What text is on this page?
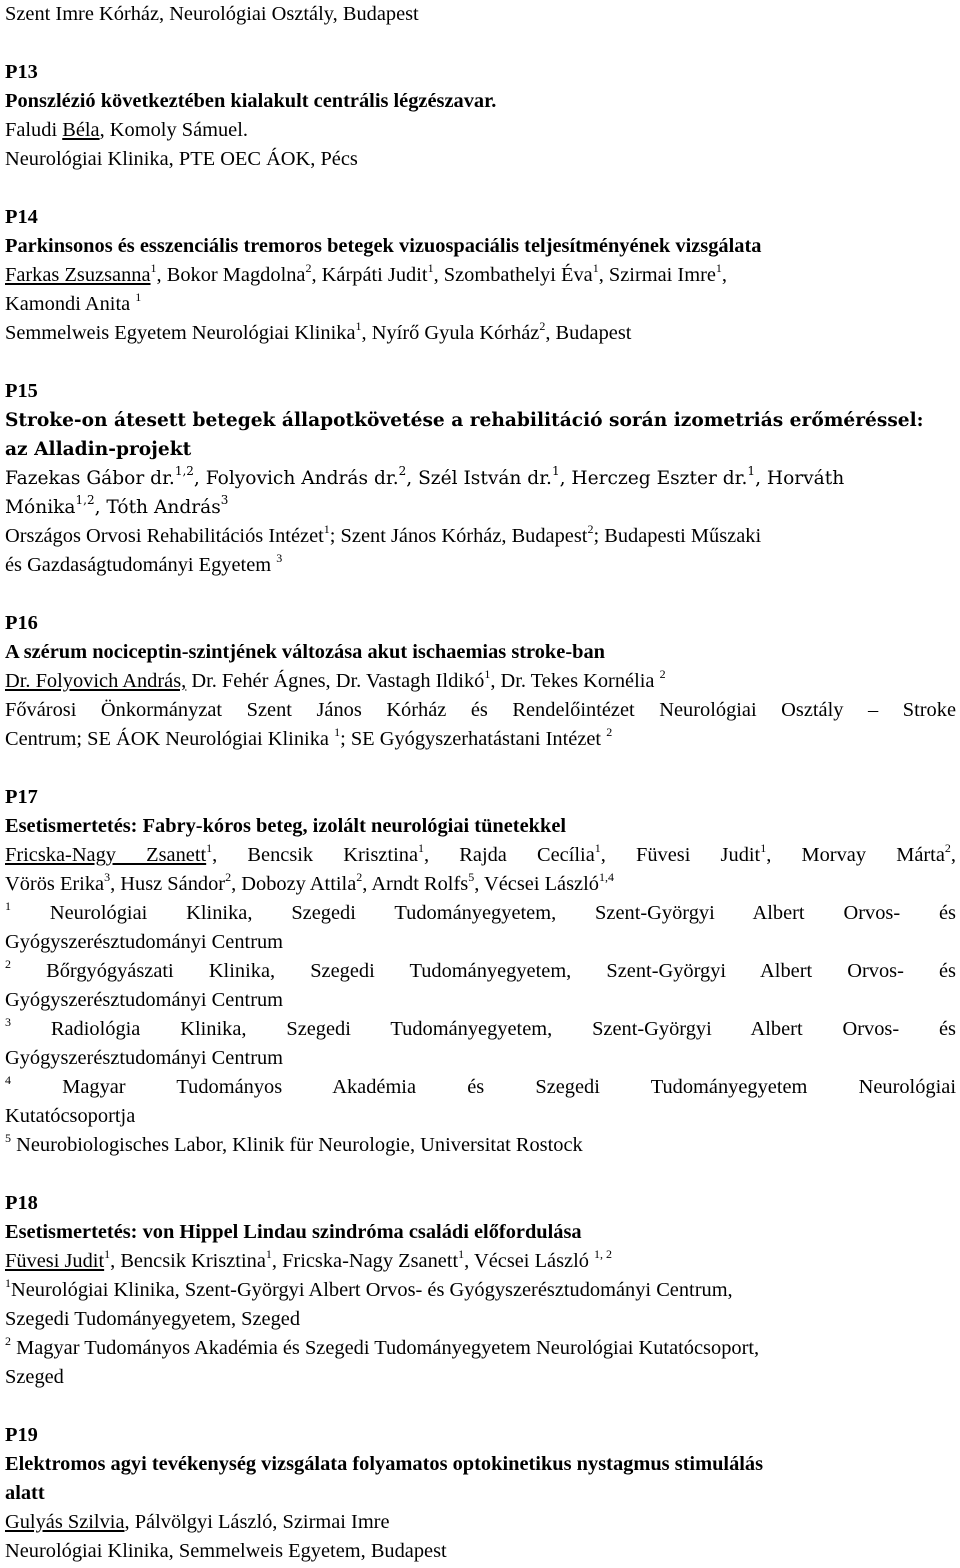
Szent Imre Kórház, Neurológiai Osztály, Budapest
P13
Ponszlézió következtében kialakult centrális légzészavar.
Faludi Béla, Komoly Sámuel.
Neurológiai Klinika, PTE OEC ÁOK, Pécs
P14
Parkinsonos és esszenciális tremoros betegek vizuospaciális teljesítményének vizsgálata
Farkas Zsuzsanna$^1$, Bokor Magdolna$^2$, Kárpáti Judit$^1$, Szombathelyi Éva$^1$, Szirmai Imre$^1$,
Kamondi Anita $^1$
Semmelweis Egyetem Neurológiai Klinika$^1$, Nyírő Gyula Kórház$^2$, Budapest
P15
Stroke-on átesett betegek állapotkövetése a rehabilitáció során izometriás erőméréssel:
az Alladin-projekt
Fazekas Gábor dr.$^{1,2}$, Folyovich András dr.$^2$, Szél István dr.$^1$, Herczeg Eszter dr.$^1$, Horváth
Mónika$^{1,2}$, Tóth András$^3$
Országos Orvosi Rehabilitációs Intézet$^1$; Szent János Kórház, Budapest$^2$; Budapesti Műszaki
és Gazdaságtudományi Egyetem $^3$
P16
A szérum nociceptin-szintjének változása akut ischaemias stroke-ban
Dr. Folyovich András, Dr. Fehér Ágnes, Dr. Vastagh Ildikó$^1$, Dr. Tekes Kornélia $^2$
Fővárosi Önkormányzat Szent János Kórház és Rendelőintézet Neurológiai Osztály – Stroke
Centrum; SE ÁOK Neurológiai Klinika $^1$; SE Gyógyszerhatástani Intézet $^2$
P17
Esetismertetés: Fabry-kóros beteg, izolált neurológiai tünetekkel
Fricska-Nagy Zsanett$^1$, Bencsik Krisztina$^1$, Rajda Cecília$^1$, Füvesi Judit$^1$, Morvay Márta$^2$,
Vörös Erika$^3$, Husz Sándor$^2$, Dobozy Attila$^2$, Arndt Rolfs$^5$, Vécsei László$^{1,4}$
$^1$ Neurológiai Klinika, Szegedi Tudományegyetem, Szent-Györgyi Albert Orvos- és
Gyógyszerésztudományi Centrum
$^2$ Bőrgyógyászati Klinika, Szegedi Tudományegyetem, Szent-Györgyi Albert Orvos- és
Gyógyszerésztudományi Centrum
$^3$ Radiológia Klinika, Szegedi Tudományegyetem, Szent-Györgyi Albert Orvos- és
Gyógyszerésztudományi Centrum
$^4$	Magyar Tudományos Akadémia és Szegedi Tudományegyetem Neurológiai
Kutatócsoportja
$^5$ Neurobiologisches Labor, Klinik für Neurologie, Universitat Rostock
P18
Esetismertetés: von Hippel Lindau szindróma családi előfordulása
Füvesi Judit$^1$, Bencsik Krisztina$^1$, Fricska-Nagy Zsanett$^1$, Vécsei László $^{1, 2}$
$^1$Neurológiai Klinika, Szent-Györgyi Albert Orvos- és Gyógyszerésztudományi Centrum,
Szegedi Tudományegyetem, Szeged
$^2$ Magyar Tudományos Akadémia és Szegedi Tudományegyetem Neurológiai Kutatócsoport,
Szeged
P19
Elektromos agyi tevékenység vizsgálata folyamatos optokinetikus nystagmus stimulálás
alatt
Gulyás Szilvia, Pálvölgyi László, Szirmai Imre
Neurológiai Klinika, Semmelweis Egyetem, Budapest
